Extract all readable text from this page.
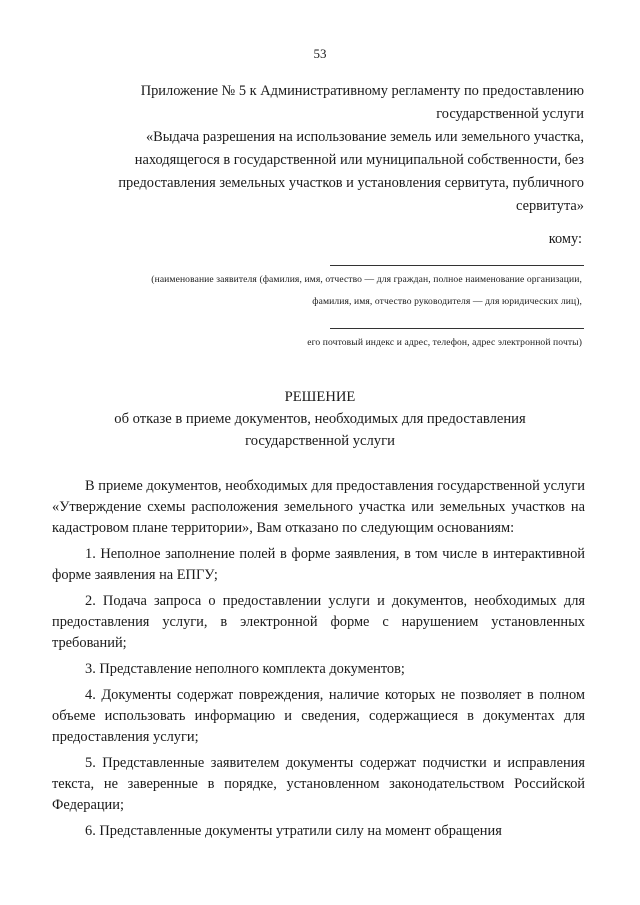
53
Приложение № 5 к Административному регламенту по предоставлению
государственной услуги
«Выдача разрешения на использование земель или земельного участка,
находящегося в государственной или муниципальной собственности, без
предоставления земельных участков и установления сервитута, публичного
сервитута»
кому:
(наименование заявителя (фамилия, имя, отчество — для граждан, полное наименование организации,
фамилия, имя, отчество руководителя — для юридических лиц),
его почтовый индекс и адрес, телефон, адрес электронной почты)
РЕШЕНИЕ
об отказе в приеме документов, необходимых для предоставления
государственной услуги

В приеме документов, необходимых для предоставления государственной услуги «Утверждение схемы расположения земельного участка или земельных участков на кадастровом плане территории», Вам отказано по следующим основаниям:

1. Неполное заполнение полей в форме заявления, в том числе в интерактивной форме заявления на ЕПГУ;

2. Подача запроса о предоставлении услуги и документов, необходимых для предоставления услуги, в электронной форме с нарушением установленных требований;

3. Представление неполного комплекта документов;

4. Документы содержат повреждения, наличие которых не позволяет в полном объеме использовать информацию и сведения, содержащиеся в документах для предоставления услуги;

5. Представленные заявителем документы содержат подчистки и исправления текста, не заверенные в порядке, установленном законодательством Российской Федерации;

6. Представленные документы утратили силу на момент обращения
